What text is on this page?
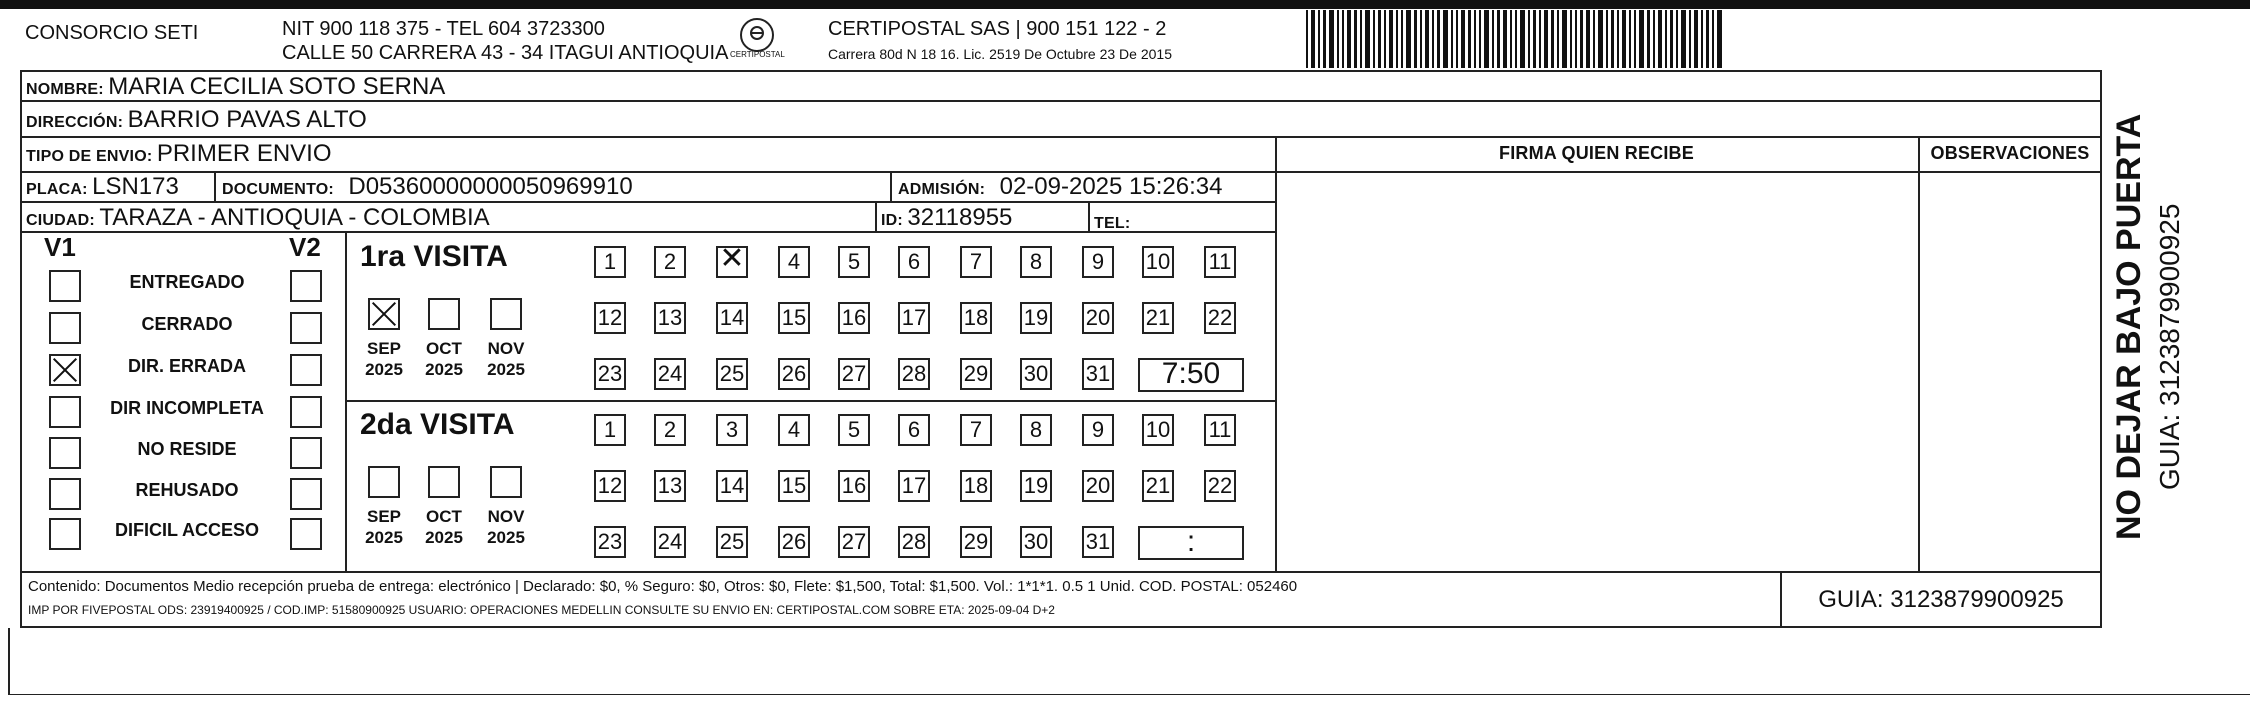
CONSORCIO SETI	NIT 900 118 375 - TEL 604 3723300
CALLE 50 CARRERA 43 - 34 ITAGUI ANTIOQUIA CERTIPOSTAL
CERTIPOSTAL SAS | 900 151 122 - 2
Carrera 80d N 18 16. Lic. 2519 De Octubre 23 De 2015
NOMBRE: MARIA CECILIA SOTO SERNA
DIRECCIÓN: BARRIO PAVAS ALTO
TIPO DE ENVIO: PRIMER ENVIO
PLACA: LSN173	DOCUMENTO: D05360000000050969910	ADMISIÓN: 02-09-2025 15:26:34
CIUDAD: TARAZA - ANTIOQUIA - COLOMBIA	ID: 32118955	TEL:
FIRMA QUIEN RECIBE	OBSERVACIONES NO DEJAR BAJO PUERTA GUIA: 3123879900925
V1	V2
ENTREGADO
CERRADO
DIR. ERRADA
DIR INCOMPLETA
NO RESIDE
REHUSADO
DIFICIL ACCESO
1ra VISITA
SEP
2025
OCT
2025
NOV
2025
1	2
✕	4	5	6	7	8	9	10 11
12 13 14 15 16 17 18 19 20 21 22
23 24 25 26 27 28 29 30 31	7:50
2da VISITA
SEP
2025
OCT
2025
NOV
2025
1	2	3	4	5	6	7	8	9	10 11
12 13 14 15 16 17 18 19 20 21 22
23 24 25 26 27 28 29 30 31	:
Contenido: Documentos Medio recepción prueba de entrega: electrónico | Declarado: $0, % Seguro: $0, Otros: $0, Flete: $1,500, Total: $1,500. Vol.: 1*1*1. 0.5 1 Unid. COD. POSTAL: 052460
IMP POR FIVEPOSTAL ODS: 23919400925 / COD.IMP: 51580900925 USUARIO: OPERACIONES MEDELLIN CONSULTE SU ENVIO EN: CERTIPOSTAL.COM SOBRE ETA: 2025-09-04 D+2	GUIA: 3123879900925
